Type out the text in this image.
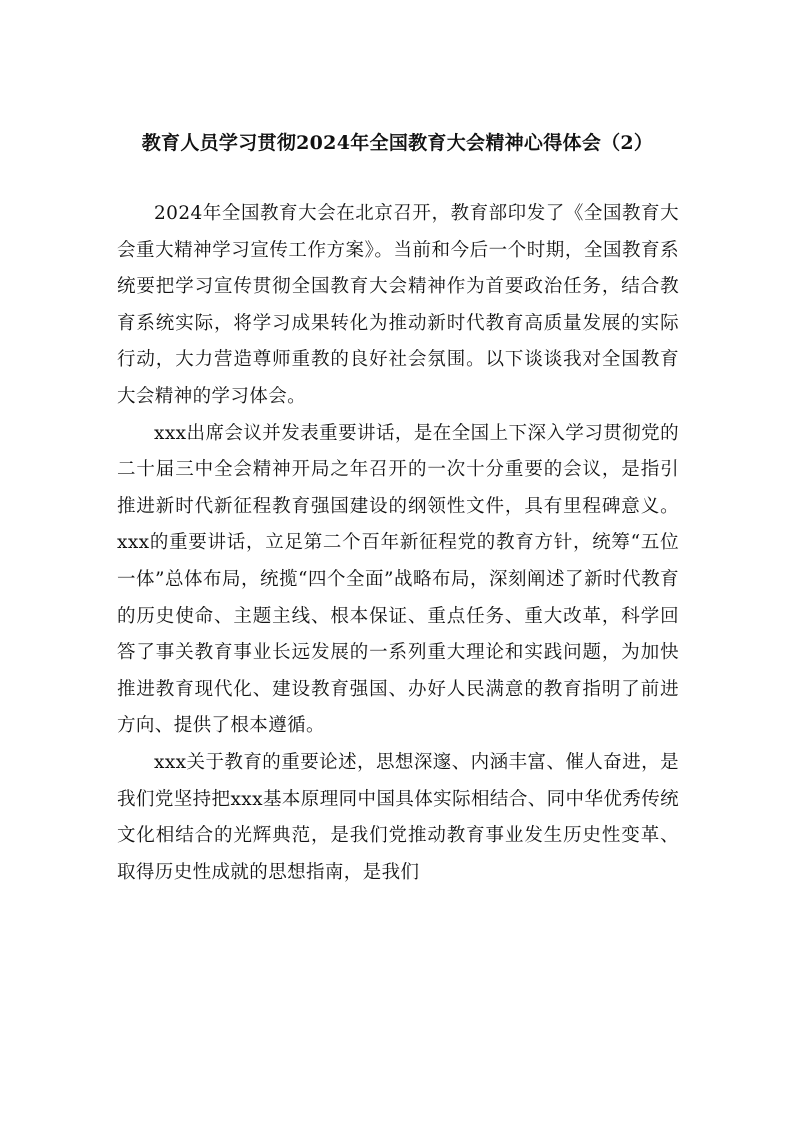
教育人员学习贯彻2024年全国教育大会精神心得体会（2）

2024年全国教育大会在北京召开，教育部印发了《全国教育大会重大精神学习宣传工作方案》。当前和今后一个时期，全国教育系统要把学习宣传贯彻全国教育大会精神作为首要政治任务，结合教育系统实际，将学习成果转化为推动新时代教育高质量发展的实际行动，大力营造尊师重教的良好社会氛围。以下谈谈我对全国教育大会精神的学习体会。

xxx出席会议并发表重要讲话，是在全国上下深入学习贯彻党的二十届三中全会精神开局之年召开的一次十分重要的会议，是指引推进新时代新征程教育强国建设的纲领性文件，具有里程碑意义。xxx的重要讲话，立足第二个百年新征程党的教育方针，统筹“五位一体”总体布局，统揽“四个全面”战略布局，深刻阐述了新时代教育的历史使命、主题主线、根本保证、重点任务、重大改革，科学回答了事关教育事业长远发展的一系列重大理论和实践问题，为加快推进教育现代化、建设教育强国、办好人民满意的教育指明了前进方向、提供了根本遵循。

xxx关于教育的重要论述，思想深邃、内涵丰富、催人奋进，是我们党坚持把xxx基本原理同中国具体实际相结合、同中华优秀传统文化相结合的光辉典范，是我们党推动教育事业发生历史性变革、取得历史性成就的思想指南，是我们
